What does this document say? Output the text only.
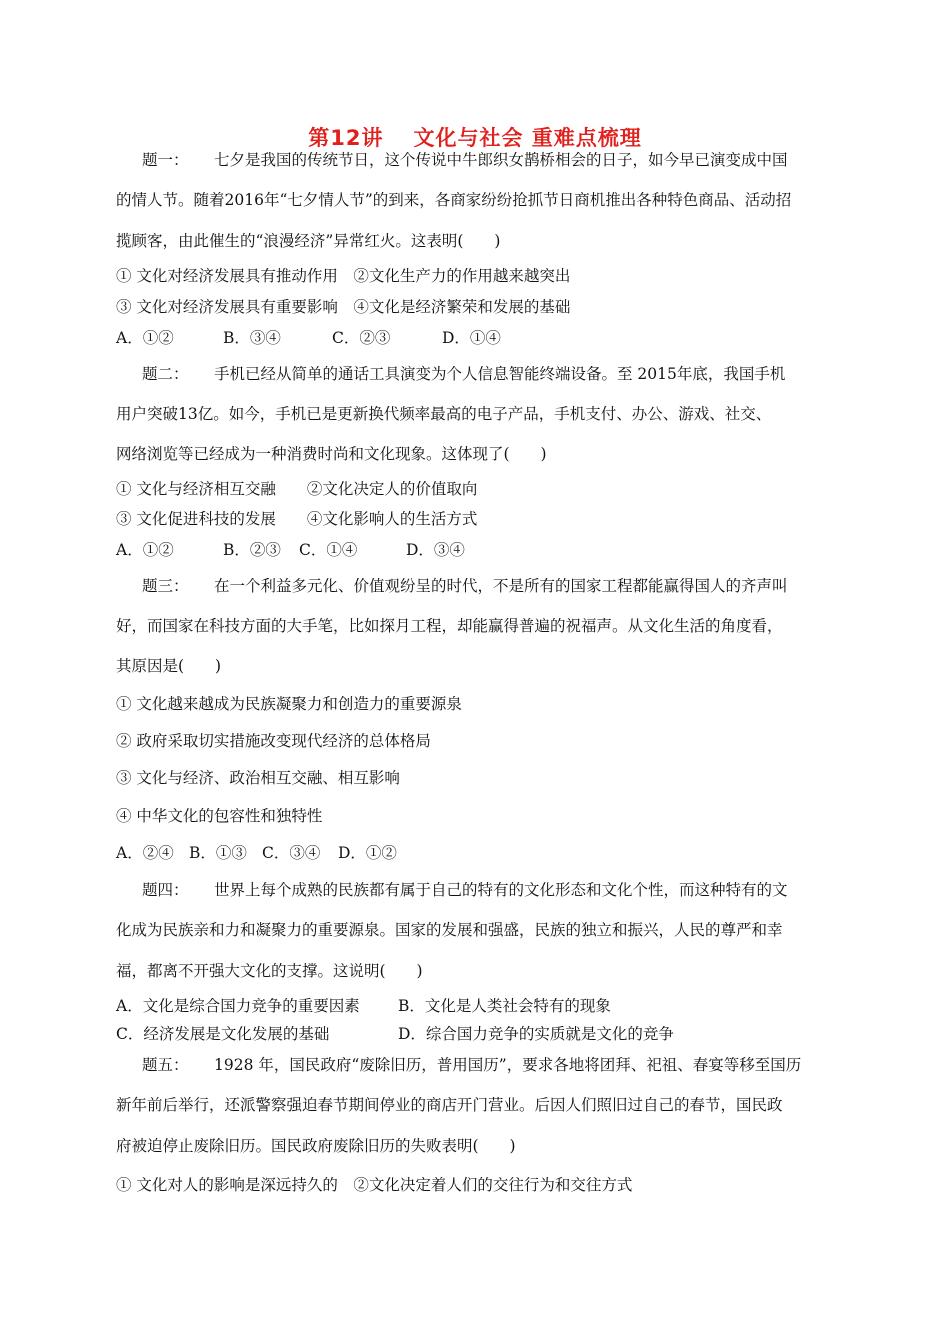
第12讲 文化与社会 重难点梳理
题一： 七夕是我国的传统节日，这个传说中牛郎织女鹊桥相会的日子，如今早已演变成中国
的情人节。随着2016年“七夕情人节”的到来，各商家纷纷抢抓节日商机推出各种特色商品、活动招
揽顾客，由此催生的“浪漫经济”异常红火。这表明(　　)
① 文化对经济发展具有推动作用　②文化生产力的作用越来越突出
③ 文化对经济发展具有重要影响　④文化是经济繁荣和发展的基础
A．①②	B．③④	C．②③	D．①④
题二： 手机已经从简单的通话工具演变为个人信息智能终端设备。至 2015年底，我国手机
用户突破13亿。如今，手机已是更新换代频率最高的电子产品，手机支付、办公、游戏、社交、
网络浏览等已经成为一种消费时尚和文化现象。这体现了(　　)
① 文化与经济相互交融　　②文化决定人的价值取向
③ 文化促进科技的发展　　④文化影响人的生活方式
A．①②	B．②③ C．①④	D．③④
题三： 在一个利益多元化、价值观纷呈的时代，不是所有的国家工程都能赢得国人的齐声叫
好，而国家在科技方面的大手笔，比如探月工程，却能赢得普遍的祝福声。从文化生活的角度看，
其原因是(　　)
① 文化越来越成为民族凝聚力和创造力的重要源泉
② 政府采取切实措施改变现代经济的总体格局
③ 文化与经济、政治相互交融、相互影响
④ 中华文化的包容性和独特性
A．②④ B．①③ C．③④ D．①②
题四： 世界上每个成熟的民族都有属于自己的特有的文化形态和文化个性，而这种特有的文
化成为民族亲和力和凝聚力的重要源泉。国家的发展和强盛，民族的独立和振兴，人民的尊严和幸
福，都离不开强大文化的支撑。这说明(　　)
A．文化是综合国力竞争的重要因素 B．文化是人类社会特有的现象
C．经济发展是文化发展的基础	D．综合国力竞争的实质就是文化的竞争
题五： 1928 年，国民政府“废除旧历，普用国历”，要求各地将团拜、祀祖、春宴等移至国历
新年前后举行，还派警察强迫春节期间停业的商店开门营业。后因人们照旧过自己的春节，国民政
府被迫停止废除旧历。国民政府废除旧历的失败表明(　　)
① 文化对人的影响是深远持久的　②文化决定着人们的交往行为和交往方式
